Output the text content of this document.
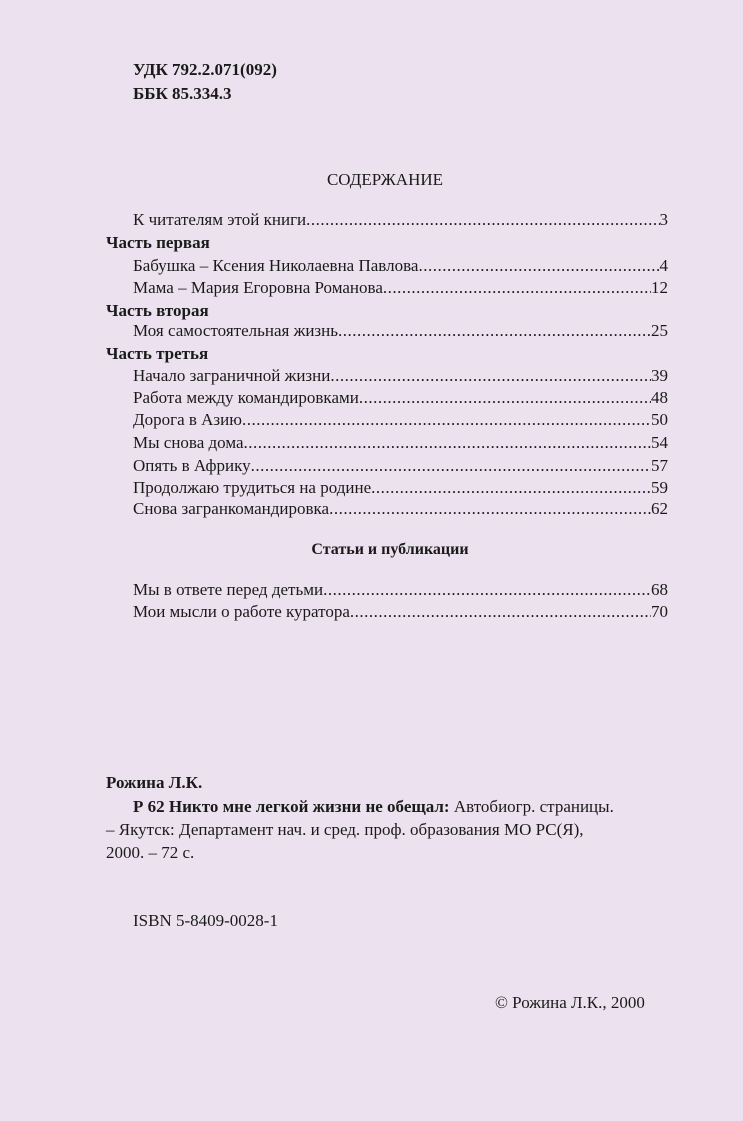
УДК 792.2.071(092)
ББК 85.334.3
СОДЕРЖАНИЕ
К читателям этой книги .....	3
Часть первая
Бабушка – Ксения Николаевна Павлова .....	4
Мама – Мария Егоровна Романова .....	12
Часть вторая
Моя самостоятельная жизнь .....	25
Часть третья
Начало заграничной жизни .....	39
Работа между командировками .....	48
Дорога в Азию .....	50
Мы снова дома .....	54
Опять в Африку .....	57
Продолжаю трудиться на родине .....	59
Снова загранкомандировка .....	62
Статьи и публикации
Мы в ответе перед детьми .....	68
Мои мысли о работе куратора .....	70
Рожина Л.К.
Р 62 Никто мне легкой жизни не обещал: Автобиогр. страницы.
– Якутск: Департамент нач. и сред. проф. образования МО РС(Я),
2000. – 72 с.
ISBN 5-8409-0028-1
© Рожина Л.К., 2000
